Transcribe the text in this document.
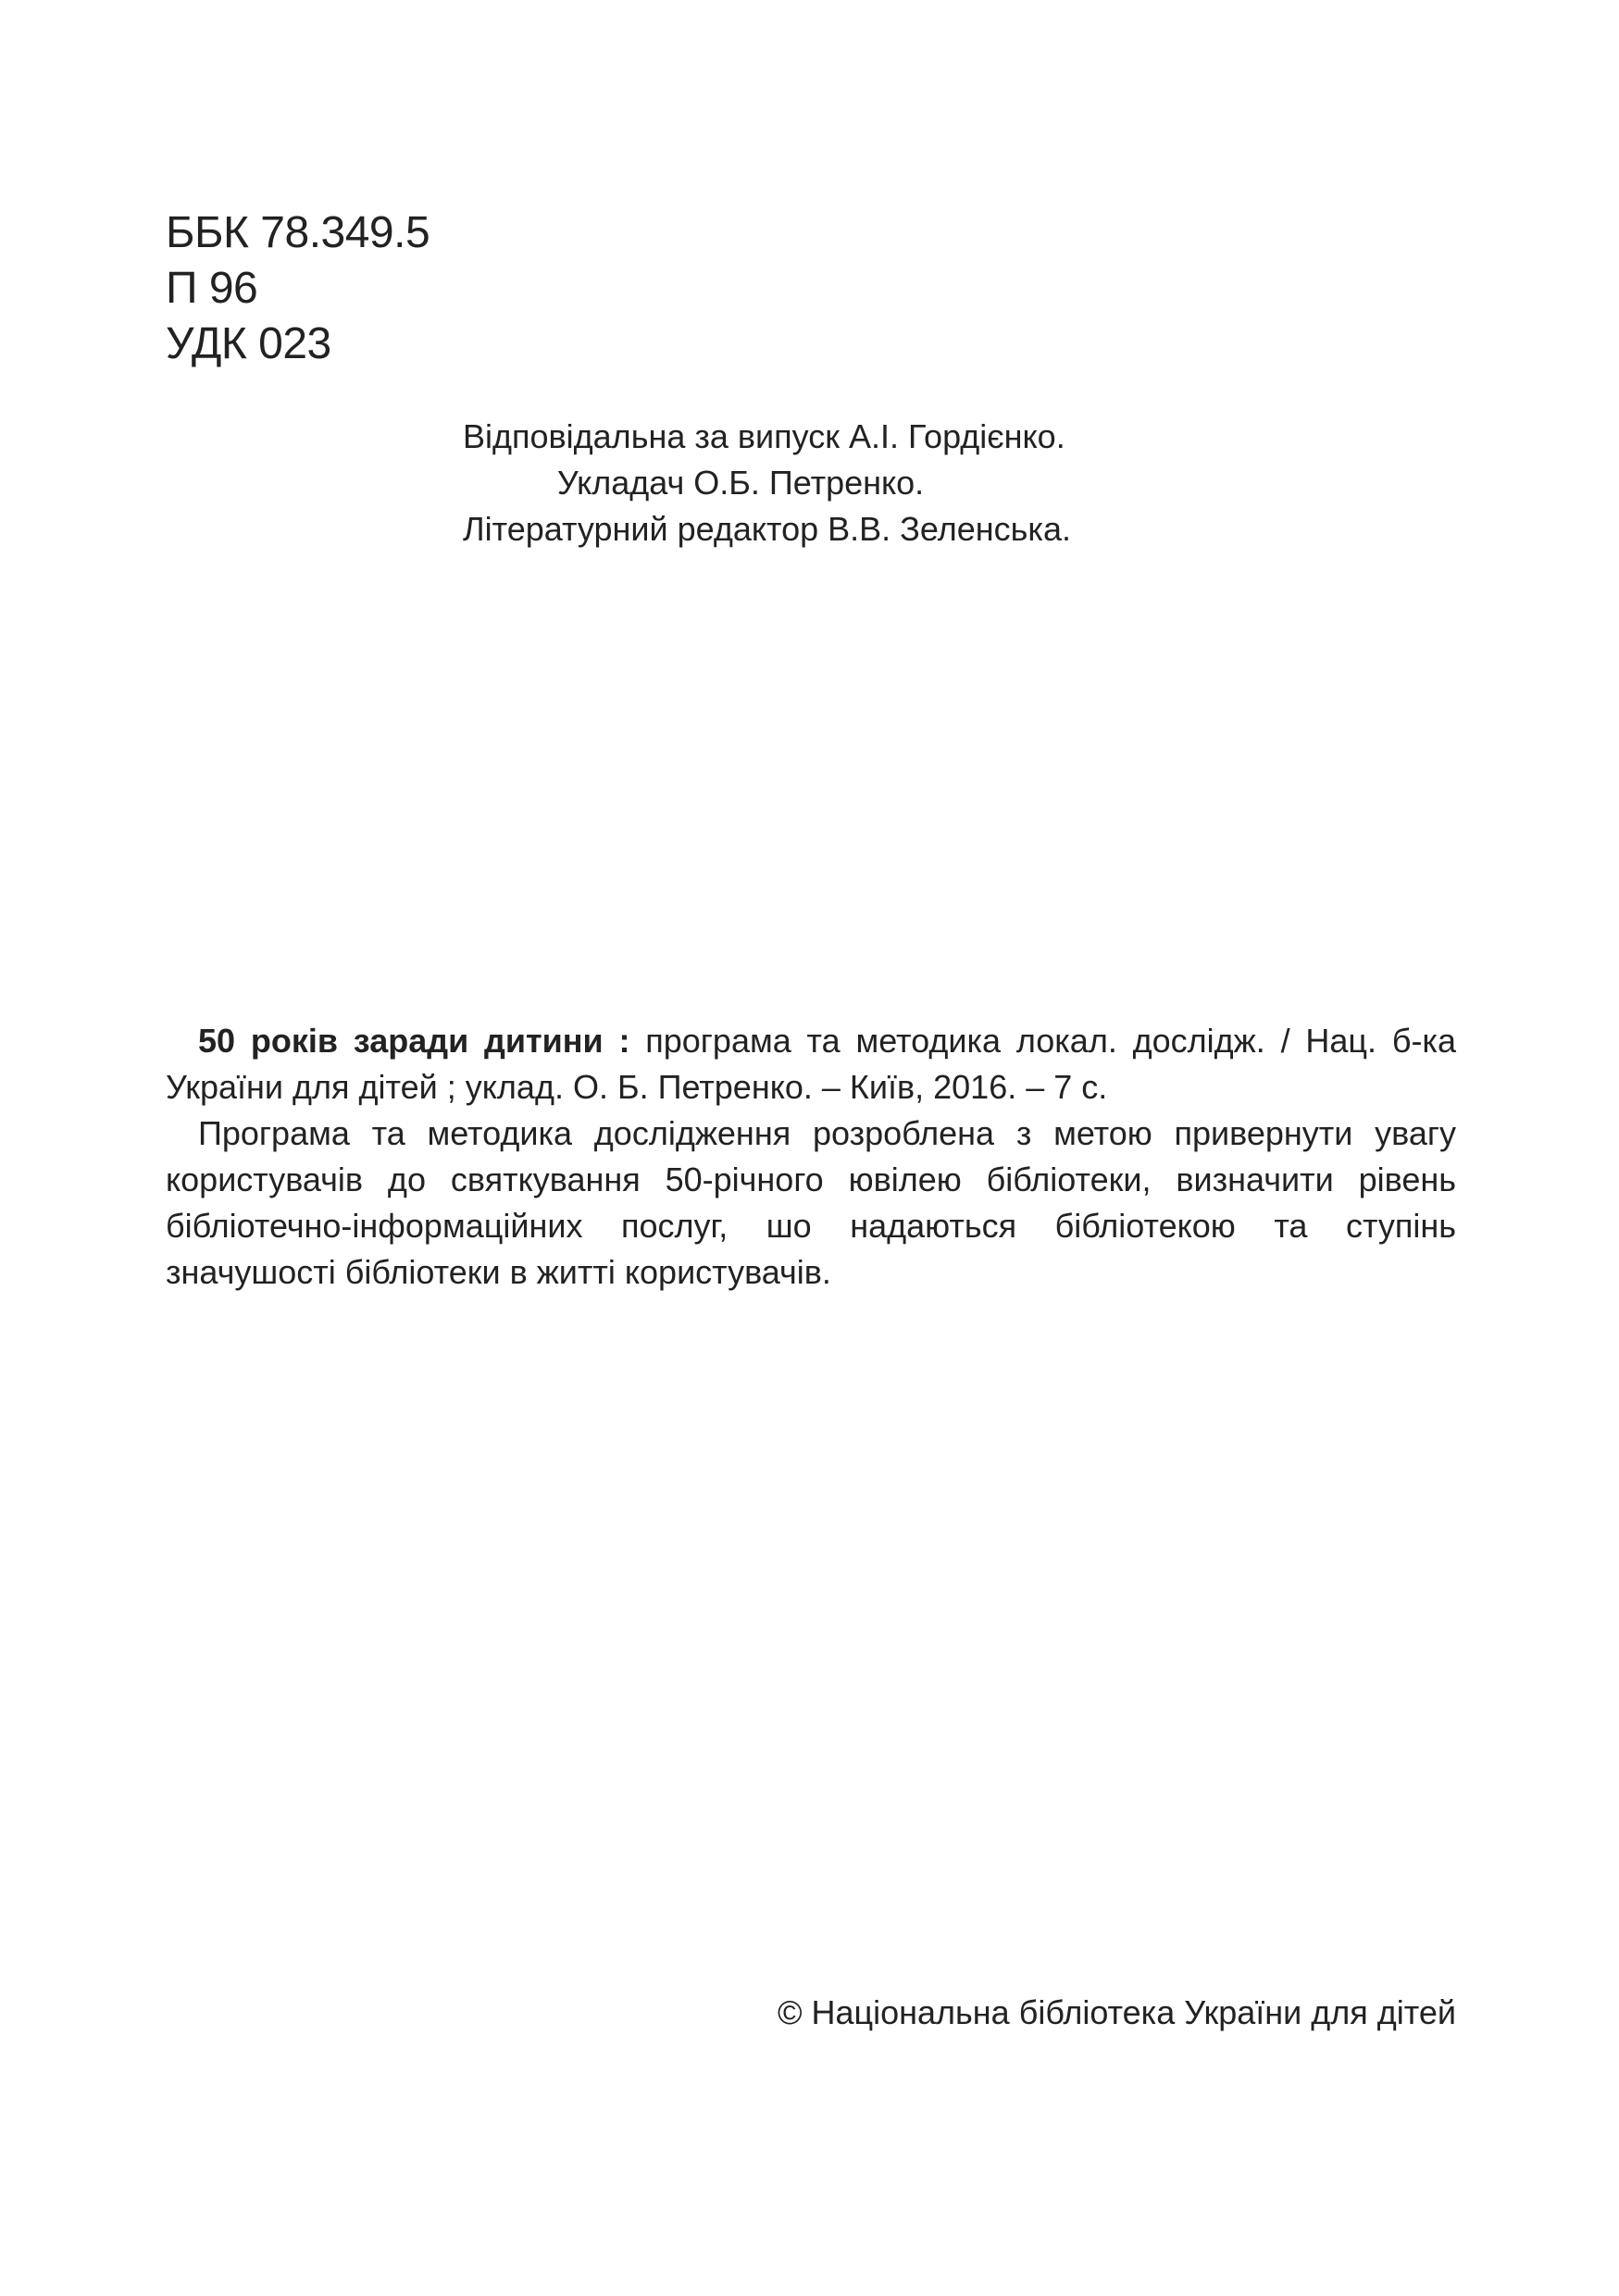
ББК 78.349.5
П 96
УДК 023
Відповідальна за випуск А.І. Гордієнко.
Укладач О.Б. Петренко.
Літературний редактор В.В. Зеленська.

50 років заради дитини : програма та методика локал. дослідж. / Нац. б-ка України для дітей ; уклад. О. Б. Петренко. – Київ, 2016. – 7 с.

Програма та методика дослідження розроблена з метою привернути увагу користувачів до святкування 50-річного ювілею бібліотеки, визначити рівень бібліотечно-інформаційних послуг, шо надаються бібліотекою та ступінь значушості бібліотеки в житті користувачів.

© Національна бібліотека України для дітей
